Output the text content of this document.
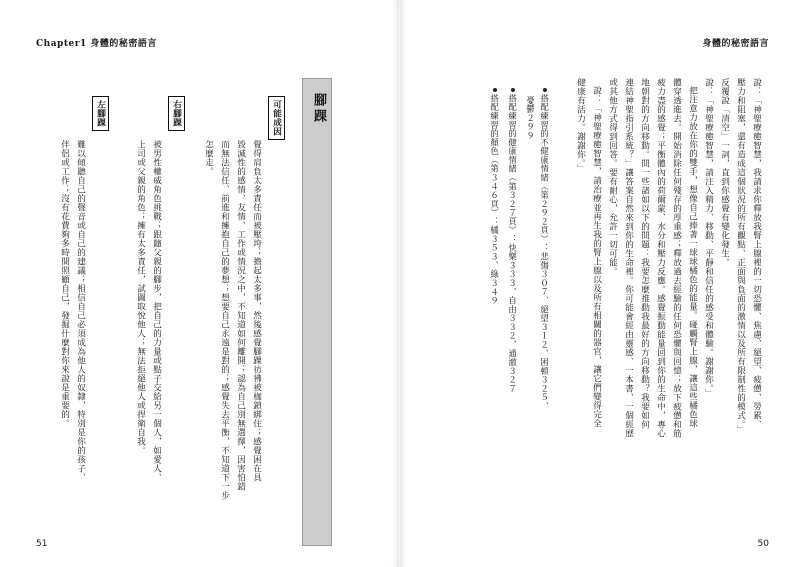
Chapter1 身體的秘密語言
腳踝
可能成因
覺得肩負太多責任而被壓垮；擔起太多事，然後感覺腳踝彷彿被枷鎖綁住；感覺困在具
毀滅性的感情、友情、工作或情況之中，不知道如何離開；認為自己別無選擇，因害怕錯
而無法信任、前進和擁抱自己的夢想；想要自己永遠是對的；感覺失去平衡，不知道下一步
怎麼走。
右腳踝
被男性權威角色挑戰；跟隨父親的腳步，把自己的力量或點子交給另一個人，如愛人、
上司或父親的角色；擁有太多責任，試圖取悅他人；無法拒絕他人或捍衛自我。
左腳踝
難以傾聽自己的聲音或自己的建議；相信自己必須成為他人的奴隸，特別是你的孩子、
伴侶或工作；沒有花費夠多時間照顧自己，發掘什麼對你來說是重要的。
51
身體的秘密語言
說：「神聖療癒智慧，我請求你釋放我腎上腺裡的一切恐懼、焦慮、絕望、疲憊、勞累、
壓力和阻塞，還有造成這個狀況的所有觀點、正面與負面的激情以及所有限制性的模式。」
反覆說「清空」一詞，直到你感覺有變化發生。
說：「神聖療癒智慧，請注入精力、移動、平靜和信任的感受和體驗。謝謝你。」
把注意力放在你的雙手，想像自己捧著一球球橘色的能量。碰觸腎上腺，讓這些橘色球
體穿透進去。開始消除任何殘存的厚重感；釋放過去經驗的任何恐懼與回憶；放下疲憊和筋
疲力盡的感覺；平衡體內的荷爾蒙、水分和壓力反應。感覺振動能量回到你的生命中，專心
地朝對的方向移動。問一些諸如以下的問題：我要怎麼推動我最好的方向移動？我要如何
連結神聖指引系統？」讓答案自然來到你的生命裡。你可能會經由靈感、一本書、一個經歷
或其他方式得到回答。要有耐心，允許一切可能。
說：「神聖療癒智慧，請治療並再生我的腎上腺以及所有相關的器官，讓它們變得完全
健康有活力。謝謝你。」
搭配練習的不健康情緒（第２９２頁）：悲傷３０７、絕望３１２、困頓３２５、
憂鬱２９９
搭配練習的健康情緒（第３２７頁）：快樂３３３、自由３３２、通澈３２７
搭配練習的顏色（第３４６頁）：橘３５３、綠３４９
50
